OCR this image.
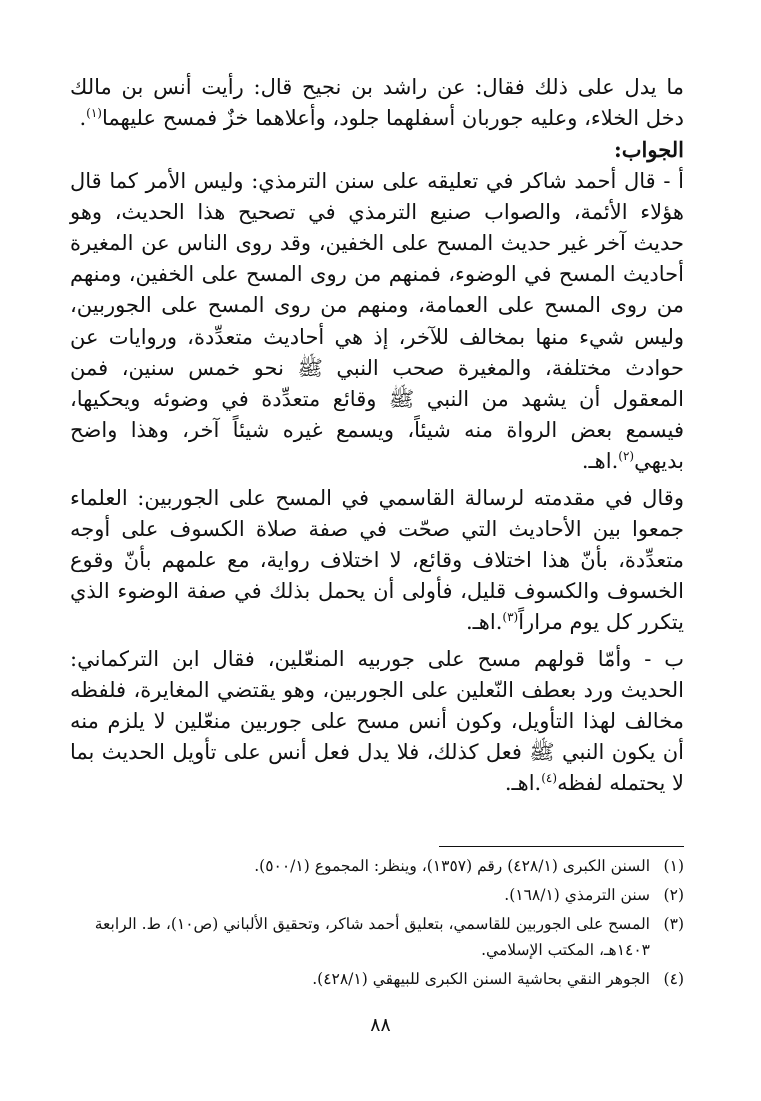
ما يدل على ذلك فقال: عن راشد بن نجيح قال: رأيت أنس بن مالك دخل الخلاء، وعليه جوربان أسفلهما جلود، وأعلاهما خزٌ فمسح عليهما$^{(١)}$.

الجواب:

أ - قال أحمد شاكر في تعليقه على سنن الترمذي: وليس الأمر كما قال هؤلاء الأئمة، والصواب صنيع الترمذي في تصحيح هذا الحديث، وهو حديث آخر غير حديث المسح على الخفين، وقد روى الناس عن المغيرة أحاديث المسح في الوضوء، فمنهم من روى المسح على الخفين، ومنهم من روى المسح على العمامة، ومنهم من روى المسح على الجوربين، وليس شيء منها بمخالف للآخر، إذ هي أحاديث متعدِّدة، وروايات عن حوادث مختلفة، والمغيرة صحب النبي ﷺ نحو خمس سنين، فمن المعقول أن يشهد من النبي ﷺ وقائع متعدِّدة في وضوئه ويحكيها، فيسمع بعض الرواة منه شيئاً، ويسمع غيره شيئاً آخر، وهذا واضح بديهي$^{(٢)}$.اهـ.

وقال في مقدمته لرسالة القاسمي في المسح على الجوربين: العلماء جمعوا بين الأحاديث التي صحّت في صفة صلاة الكسوف على أوجه متعدِّدة، بأنّ هذا اختلاف وقائع، لا اختلاف رواية، مع علمهم بأنّ وقوع الخسوف والكسوف قليل، فأولى أن يحمل بذلك في صفة الوضوء الذي يتكرر كل يوم مراراً$^{(٣)}$.اهـ.

ب - وأمّا قولهم مسح على جوربيه المنعّلين، فقال ابن التركماني: الحديث ورد بعطف النّعلين على الجوربين، وهو يقتضي المغايرة، فلفظه مخالف لهذا التأويل، وكون أنس مسح على جوربين منعّلين لا يلزم منه أن يكون النبي ﷺ فعل كذلك، فلا يدل فعل أنس على تأويل الحديث بما لا يحتمله لفظه$^{(٤)}$.اهـ.

(١)
السنن الكبرى (٤٢٨/١) رقم (١٣٥٧)، وينظر: المجموع (٥٠٠/١).
(٢)
سنن الترمذي (١٦٨/١).
(٣)
المسح على الجوربين للقاسمي، بتعليق أحمد شاكر، وتحقيق الألباني (ص١٠)، ط. الرابعة ١٤٠٣هـ، المكتب الإسلامي.
(٤)
الجوهر النقي بحاشية السنن الكبرى للبيهقي (٤٢٨/١).
٨٨
